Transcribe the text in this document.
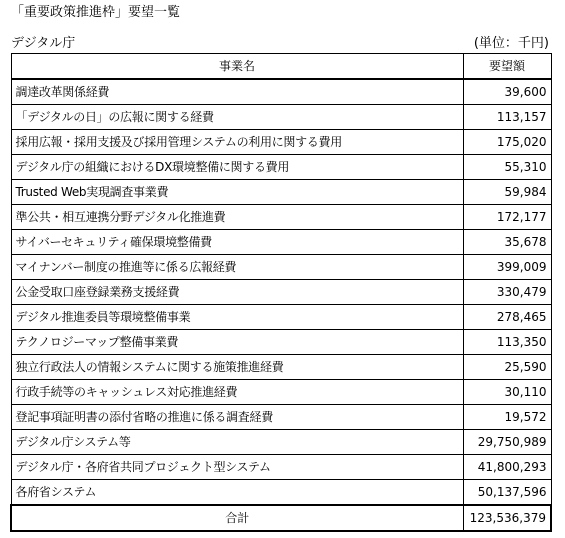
「重要政策推進枠」要望一覧
デジタル庁	(単位：千円)
事業名	要望額
調達改革関係経費	39,600
「デジタルの日」の広報に関する経費	113,157
採用広報・採用支援及び採用管理システムの利用に関する費用	175,020
デジタル庁の組織におけるDX環境整備に関する費用	55,310
Trusted Web実現調査事業費	59,984
準公共・相互連携分野デジタル化推進費	172,177
サイバーセキュリティ確保環境整備費	35,678
マイナンバー制度の推進等に係る広報経費	399,009
公金受取口座登録業務支援経費	330,479
デジタル推進委員等環境整備事業	278,465
テクノロジーマップ整備事業費	113,350
独立行政法人の情報システムに関する施策推進経費	25,590
行政手続等のキャッシュレス対応推進経費	30,110
登記事項証明書の添付省略の推進に係る調査経費	19,572
デジタル庁システム等	29,750,989
デジタル庁・各府省共同プロジェクト型システム	41,800,293
各府省システム	50,137,596
合計	123,536,379
